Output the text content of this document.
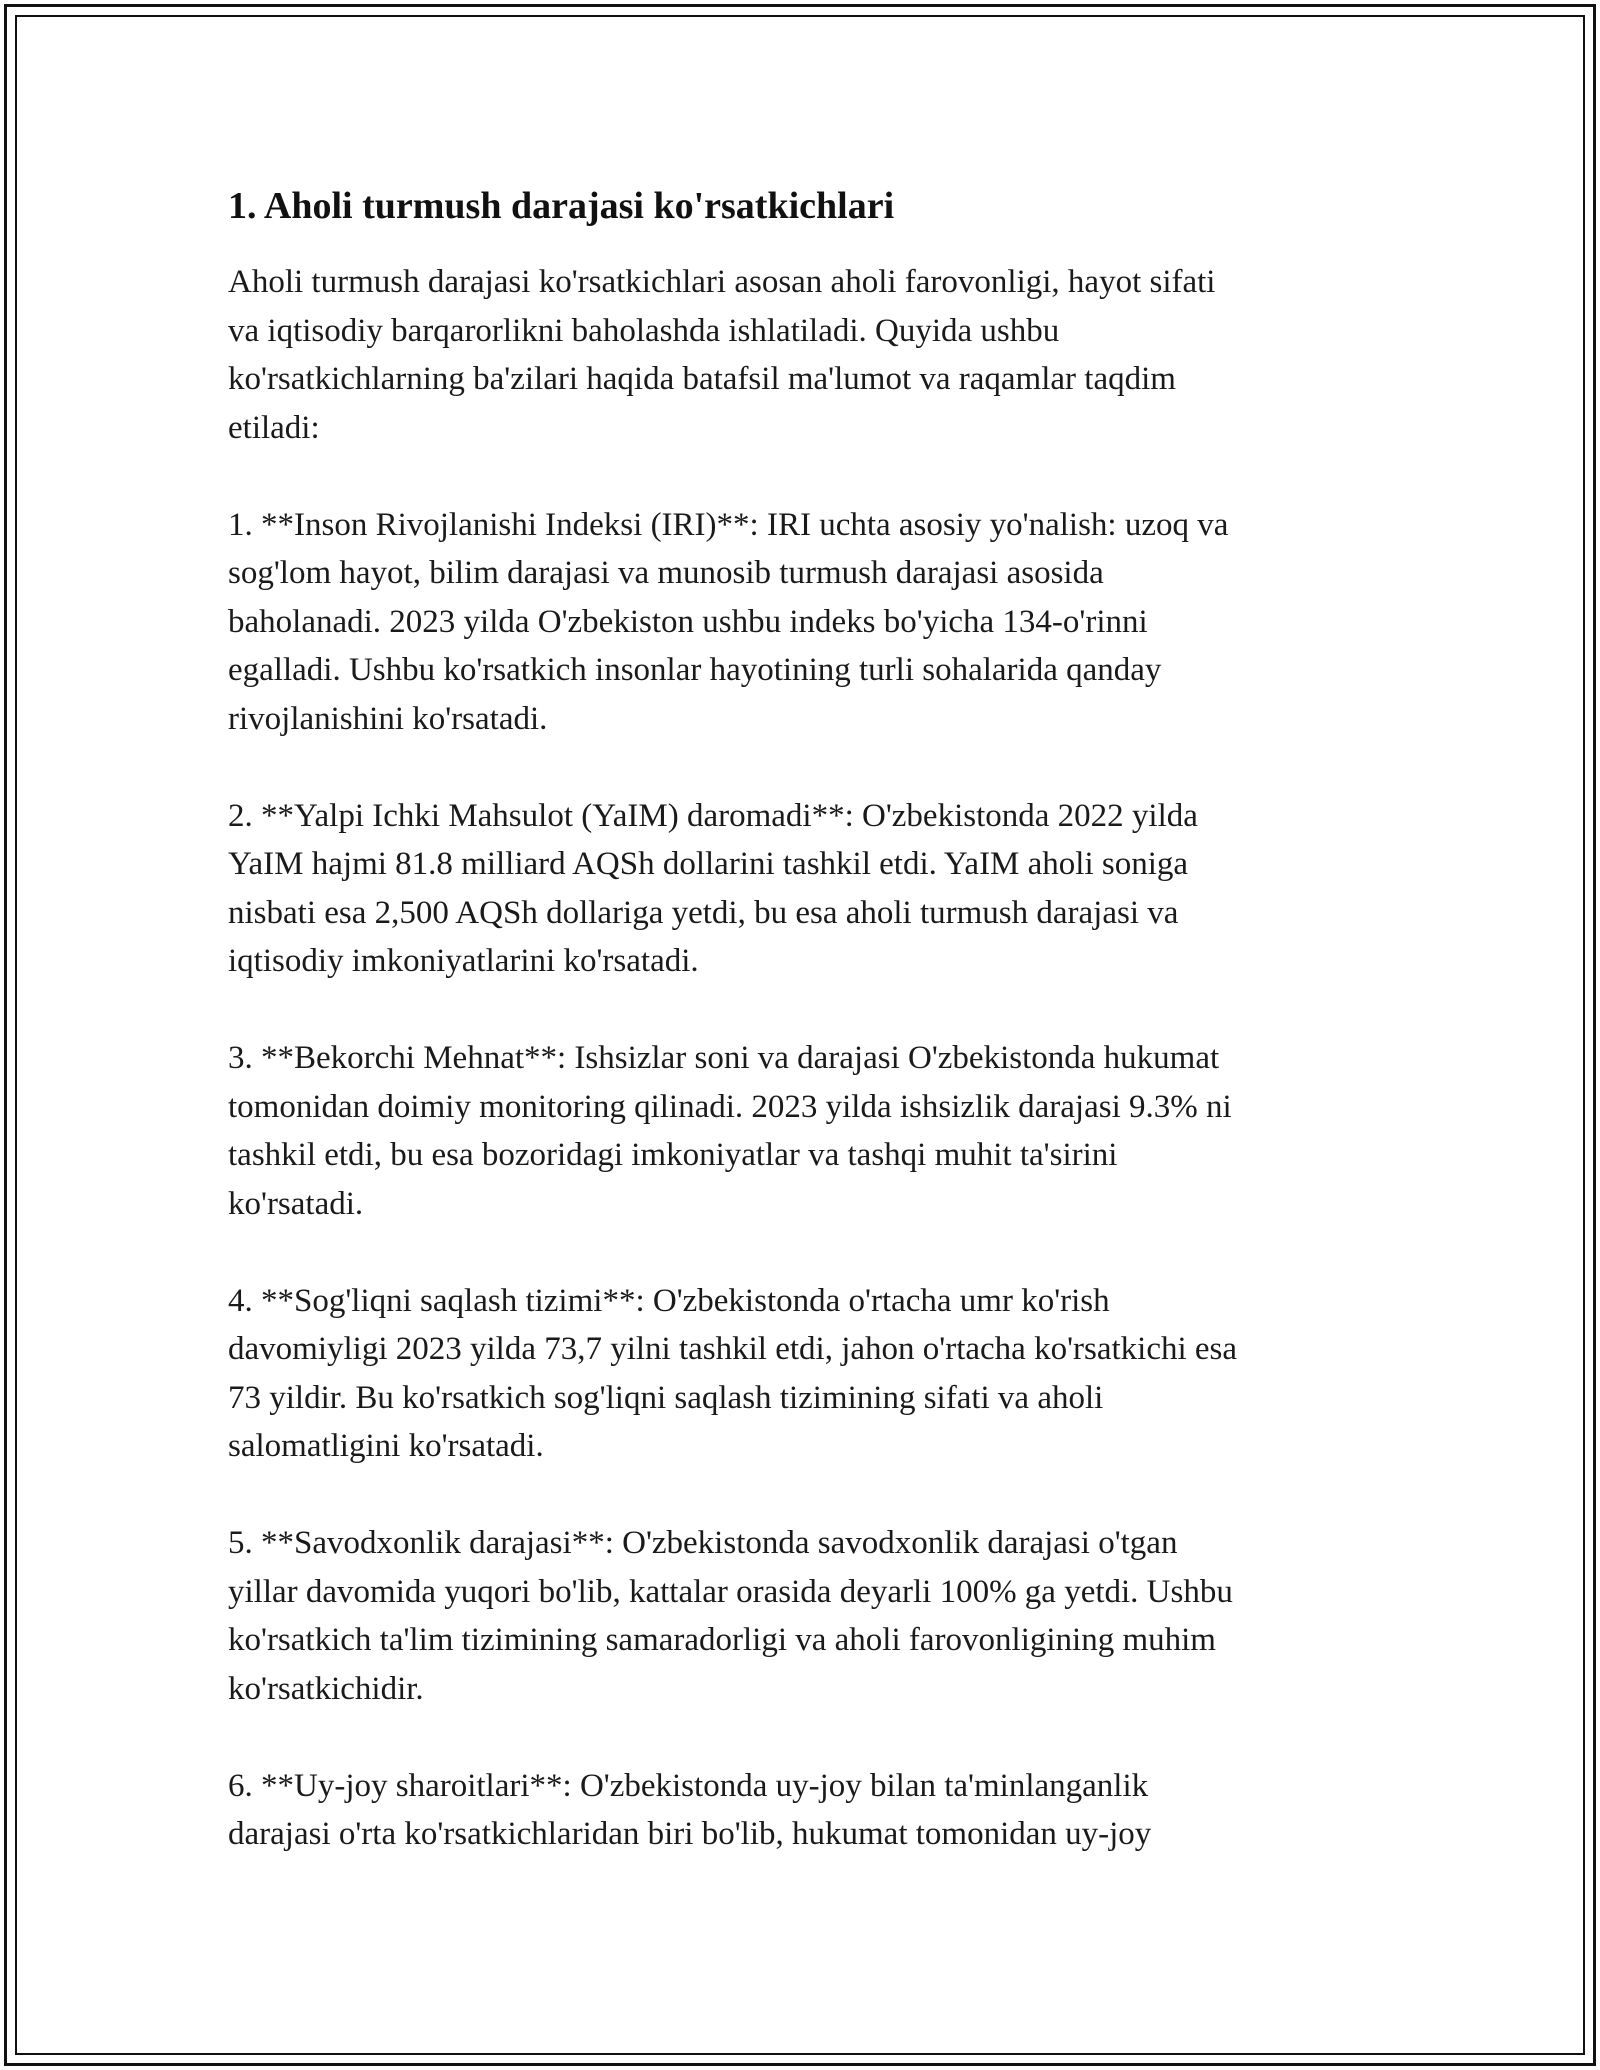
1. Aholi turmush darajasi ko'rsatkichlari

Aholi turmush darajasi ko'rsatkichlari asosan aholi farovonligi, hayot sifati
va iqtisodiy barqarorlikni baholashda ishlatiladi. Quyida ushbu
ko'rsatkichlarning ba'zilari haqida batafsil ma'lumot va raqamlar taqdim
etiladi:

1. **Inson Rivojlanishi Indeksi (IRI)**: IRI uchta asosiy yo'nalish: uzoq va
sog'lom hayot, bilim darajasi va munosib turmush darajasi asosida
baholanadi. 2023 yilda O'zbekiston ushbu indeks bo'yicha 134-o'rinni
egalladi. Ushbu ko'rsatkich insonlar hayotining turli sohalarida qanday
rivojlanishini ko'rsatadi.

2. **Yalpi Ichki Mahsulot (YaIM) daromadi**: O'zbekistonda 2022 yilda
YaIM hajmi 81.8 milliard AQSh dollarini tashkil etdi. YaIM aholi soniga
nisbati esa 2,500 AQSh dollariga yetdi, bu esa aholi turmush darajasi va
iqtisodiy imkoniyatlarini ko'rsatadi.

3. **Bekorchi Mehnat**: Ishsizlar soni va darajasi O'zbekistonda hukumat
tomonidan doimiy monitoring qilinadi. 2023 yilda ishsizlik darajasi 9.3% ni
tashkil etdi, bu esa bozoridagi imkoniyatlar va tashqi muhit ta'sirini
ko'rsatadi.

4. **Sog'liqni saqlash tizimi**: O'zbekistonda o'rtacha umr ko'rish
davomiyligi 2023 yilda 73,7 yilni tashkil etdi, jahon o'rtacha ko'rsatkichi esa
73 yildir. Bu ko'rsatkich sog'liqni saqlash tizimining sifati va aholi
salomatligini ko'rsatadi.

5. **Savodxonlik darajasi**: O'zbekistonda savodxonlik darajasi o'tgan
yillar davomida yuqori bo'lib, kattalar orasida deyarli 100% ga yetdi. Ushbu
ko'rsatkich ta'lim tizimining samaradorligi va aholi farovonligining muhim
ko'rsatkichidir.

6. **Uy-joy sharoitlari**: O'zbekistonda uy-joy bilan ta'minlanganlik
darajasi o'rta ko'rsatkichlaridan biri bo'lib, hukumat tomonidan uy-joy
